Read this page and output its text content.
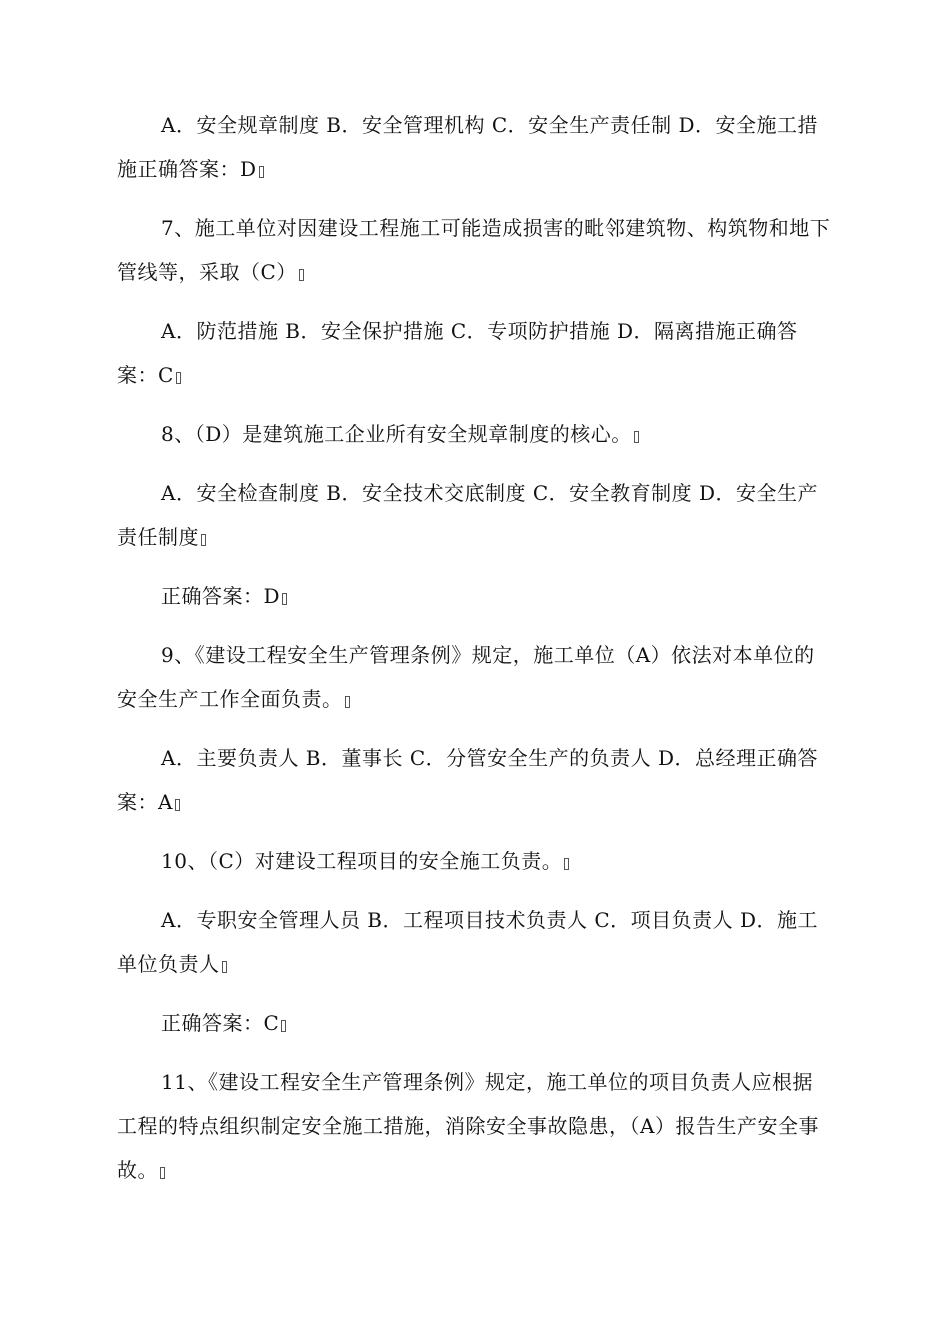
A．安全规章制度 B．安全管理机构 C．安全生产责任制 D．安全施工措施正确答案：D

7、施工单位对因建设工程施工可能造成损害的毗邻建筑物、构筑物和地下管线等，采取（C）

A．防范措施 B．安全保护措施 C．专项防护措施 D．隔离措施正确答案：C

8、（D）是建筑施工企业所有安全规章制度的核心。

A．安全检查制度 B．安全技术交底制度 C．安全教育制度 D．安全生产责任制度

正确答案：D

9、《建设工程安全生产管理条例》规定，施工单位（A）依法对本单位的安全生产工作全面负责。

A．主要负责人 B．董事长 C．分管安全生产的负责人 D．总经理正确答案：A

10、（C）对建设工程项目的安全施工负责。

A．专职安全管理人员 B．工程项目技术负责人 C．项目负责人 D．施工单位负责人

正确答案：C

11、《建设工程安全生产管理条例》规定，施工单位的项目负责人应根据工程的特点组织制定安全施工措施，消除安全事故隐患，（A）报告生产安全事故。
